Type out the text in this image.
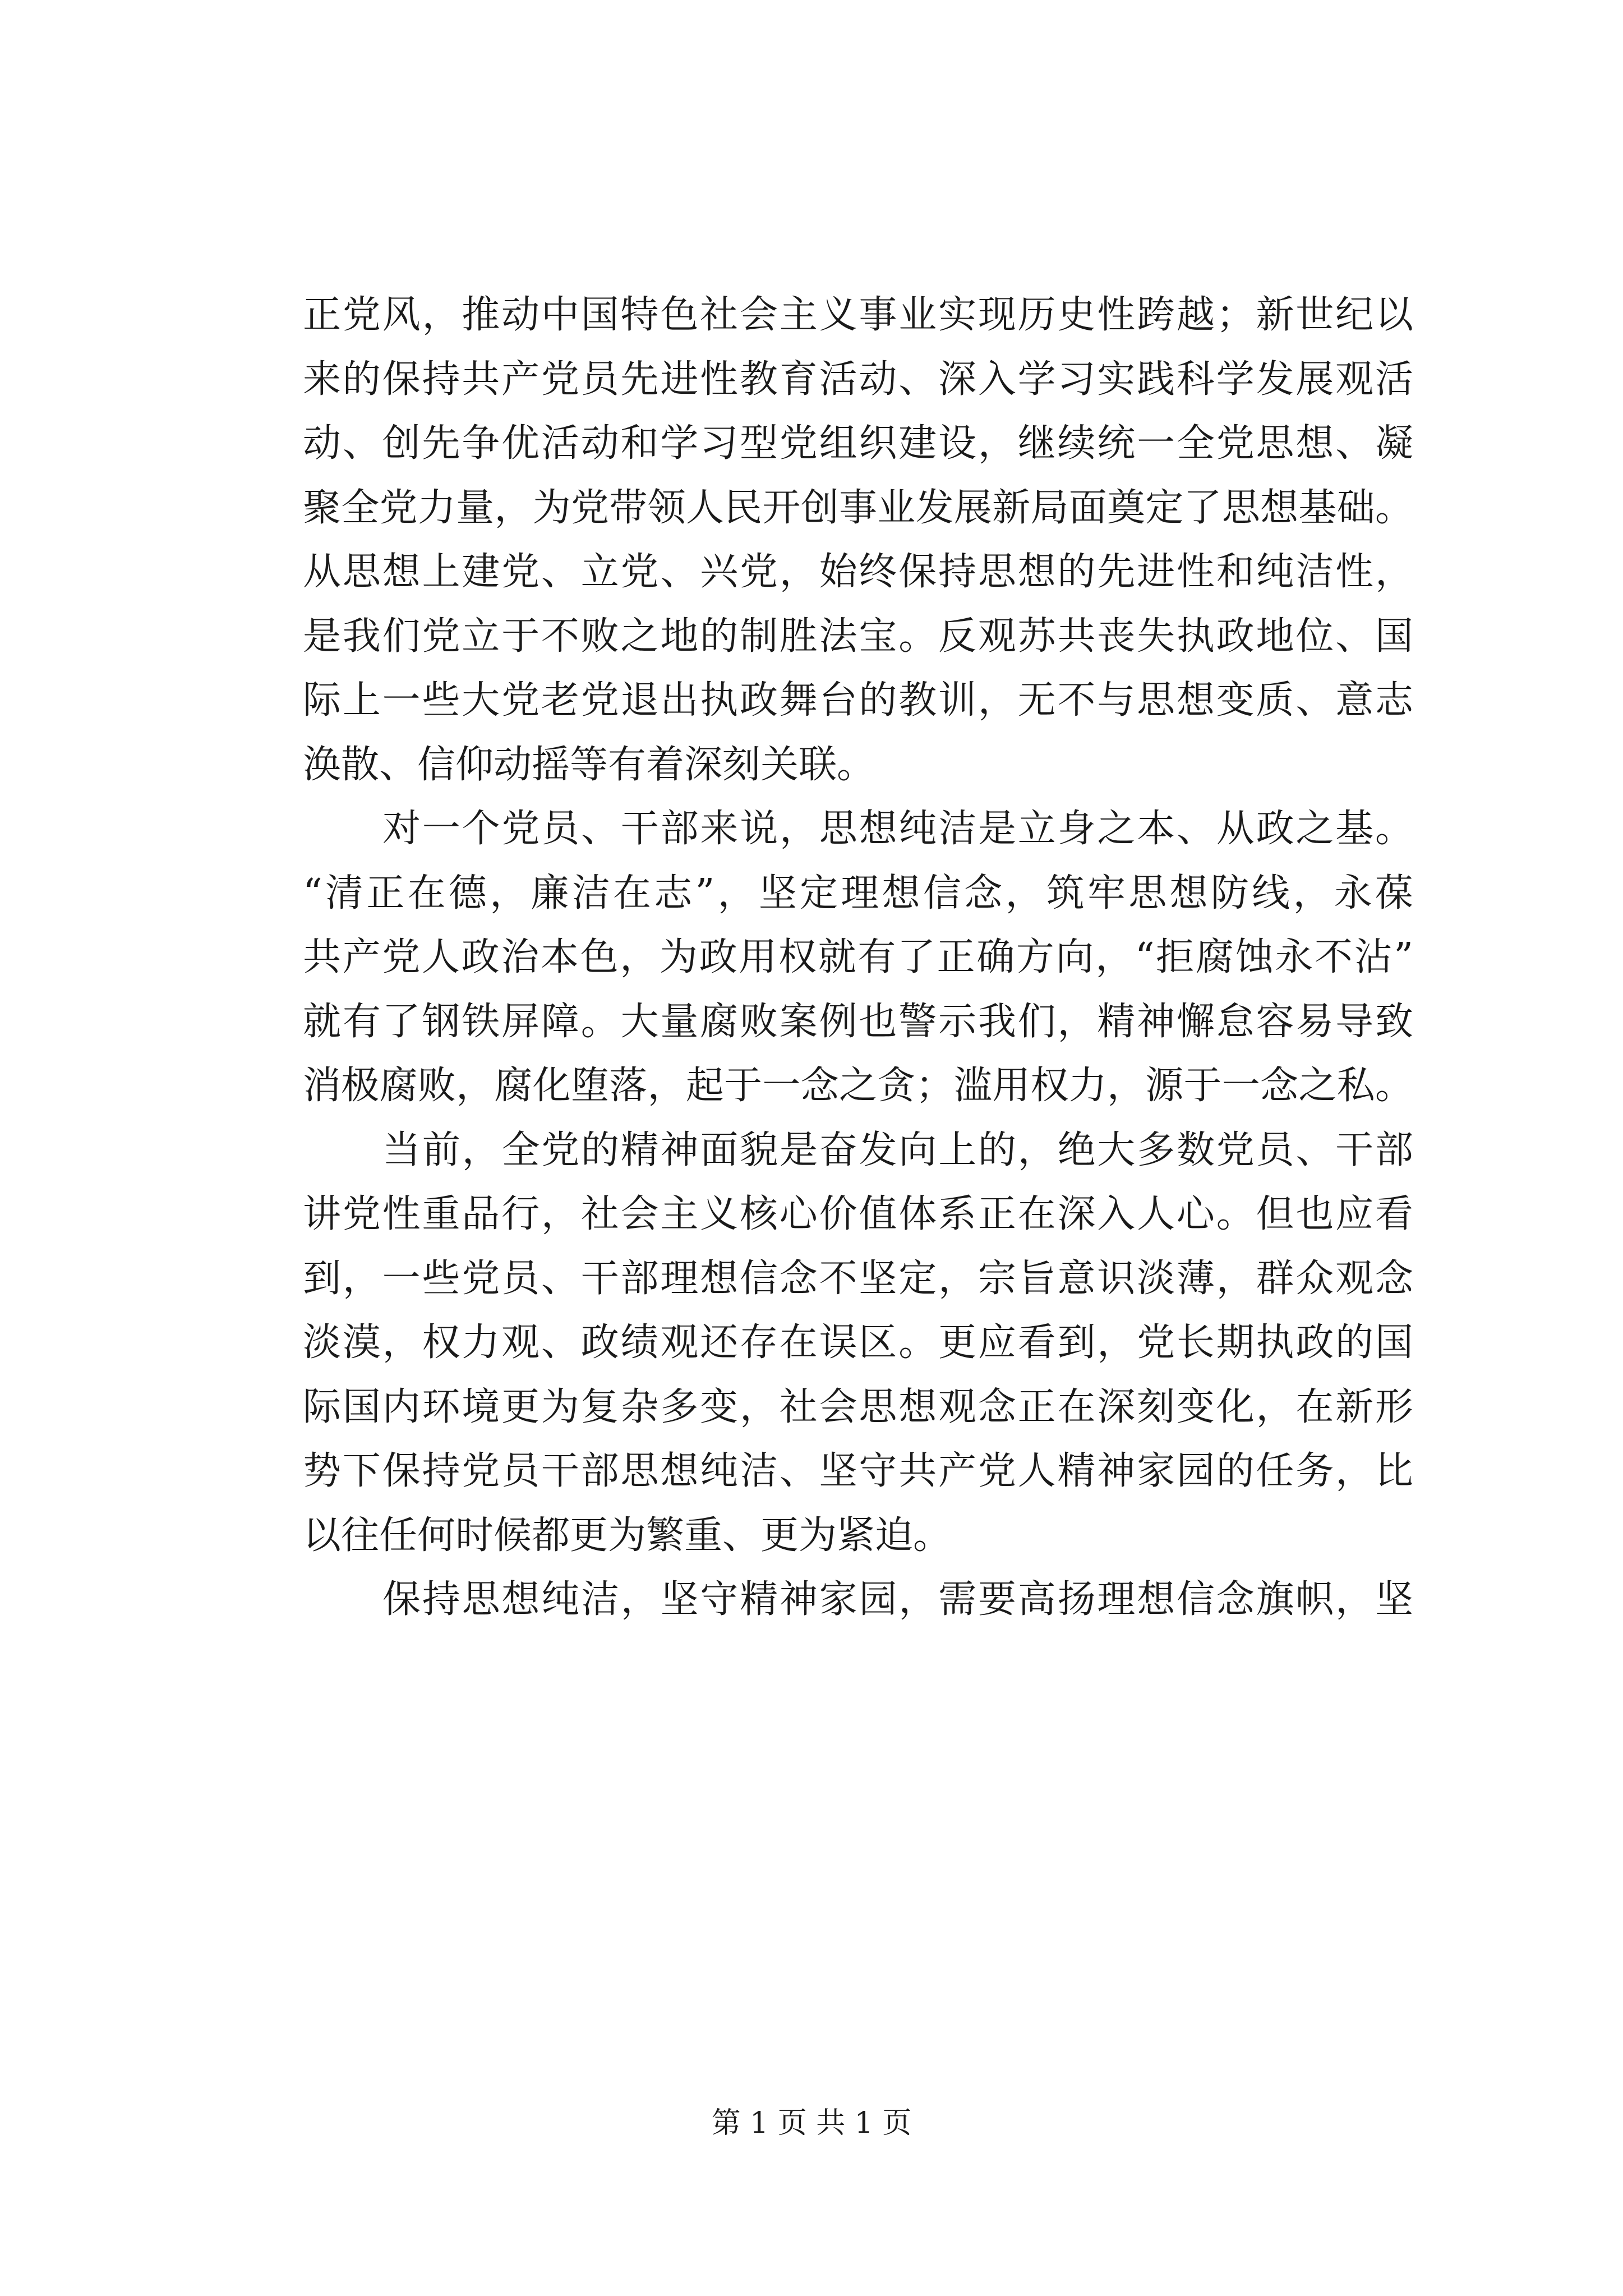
正党风，推动中国特色社会主义事业实现历史性跨越；新世纪以
来的保持共产党员先进性教育活动、深入学习实践科学发展观活
动、创先争优活动和学习型党组织建设，继续统一全党思想、凝
聚全党力量，为党带领人民开创事业发展新局面奠定了思想基础。
从思想上建党、立党、兴党，始终保持思想的先进性和纯洁性，
是我们党立于不败之地的制胜法宝。反观苏共丧失执政地位、国
际上一些大党老党退出执政舞台的教训，无不与思想变质、意志
涣散、信仰动摇等有着深刻关联。
对一个党员、干部来说，思想纯洁是立身之本、从政之基。
“清正在德，廉洁在志”，坚定理想信念，筑牢思想防线，永葆
共产党人政治本色，为政用权就有了正确方向，“拒腐蚀永不沾”
就有了钢铁屏障。大量腐败案例也警示我们，精神懈怠容易导致
消极腐败，腐化堕落，起于一念之贪；滥用权力，源于一念之私。
当前，全党的精神面貌是奋发向上的，绝大多数党员、干部
讲党性重品行，社会主义核心价值体系正在深入人心。但也应看
到，一些党员、干部理想信念不坚定，宗旨意识淡薄，群众观念
淡漠，权力观、政绩观还存在误区。更应看到，党长期执政的国
际国内环境更为复杂多变，社会思想观念正在深刻变化，在新形
势下保持党员干部思想纯洁、坚守共产党人精神家园的任务，比
以往任何时候都更为繁重、更为紧迫。
保持思想纯洁，坚守精神家园，需要高扬理想信念旗帜，坚
第 1 页 共 1 页
